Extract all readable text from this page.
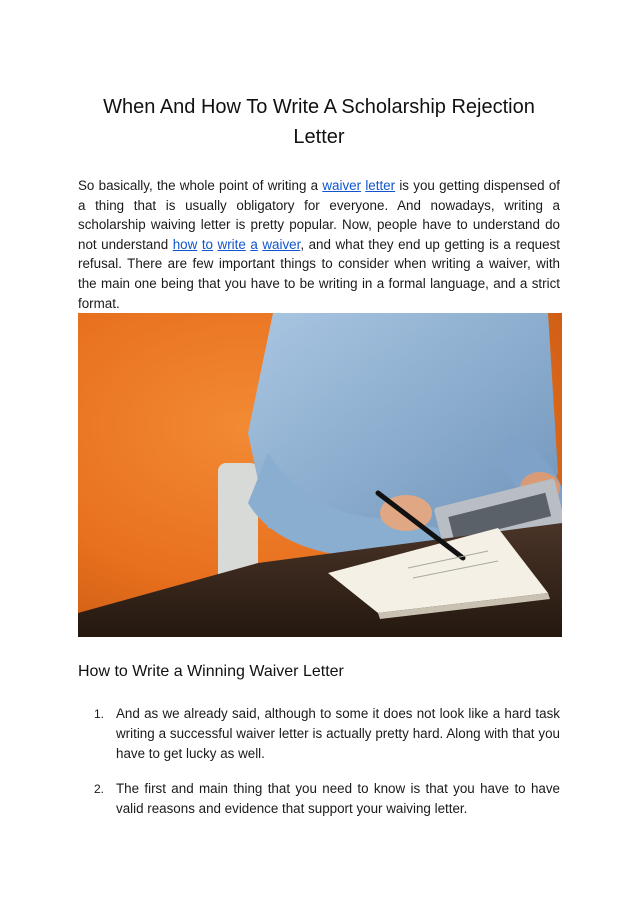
When And How To Write A Scholarship Rejection Letter

So basically, the whole point of writing a waiver letter is you getting dispensed of a thing that is usually obligatory for everyone. And nowadays, writing a scholarship waiving letter is pretty popular. Now, people have to understand do not understand how to write a waiver, and what they end up getting is a request refusal. There are few important things to consider when writing a waiver, with the main one being that you have to be writing in a formal language, and a strict format.

How to Write a Winning Waiver Letter
1. And as we already said, although to some it does not look like a hard task writing a successful waiver letter is actually pretty hard. Along with that you have to get lucky as well.
2. The first and main thing that you need to know is that you have to have valid reasons and evidence that support your waiving letter.
